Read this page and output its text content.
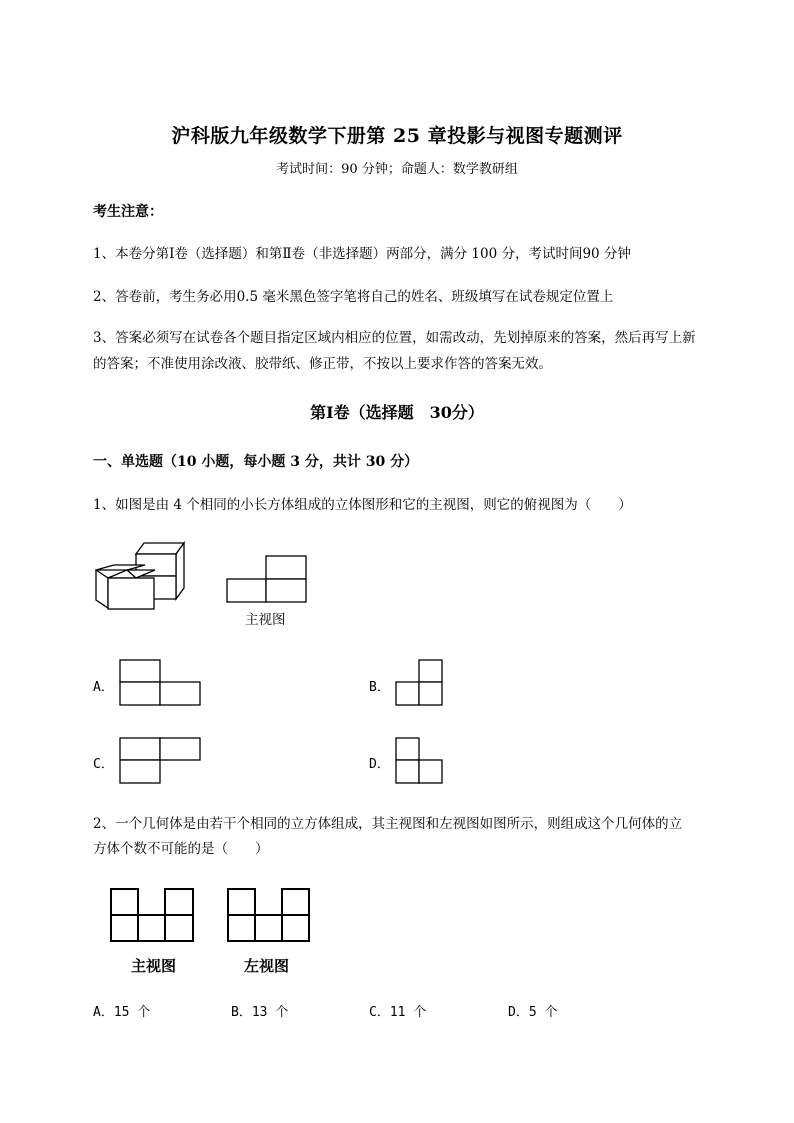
沪科版九年级数学下册第 25 章投影与视图专题测评
考试时间：90 分钟；命题人：数学教研组
考生注意：
1、本卷分第Ⅰ卷（选择题）和第Ⅱ卷（非选择题）两部分，满分 100 分，考试时间90 分钟
2、答卷前，考生务必用0.5 毫米黑色签字笔将自己的姓名、班级填写在试卷规定位置上
3、答案必须写在试卷各个题目指定区域内相应的位置，如需改动，先划掉原来的答案，然后再写上新
的答案；不准使用涂改液、胶带纸、修正带，不按以上要求作答的答案无效。
第Ⅰ卷（选择题　30分）
一、单选题（10 小题，每小题 3 分，共计 30 分）
1、如图是由 4 个相同的小长方体组成的立体图形和它的主视图，则它的俯视图为（　　）
主视图
A．	B．
C．	D．
2、一个几何体是由若干个相同的立方体组成，其主视图和左视图如图所示，则组成这个几何体的立
方体个数不可能的是（　　）
主视图	左视图
A．15 个	B．13 个	C．11 个	D．5 个
